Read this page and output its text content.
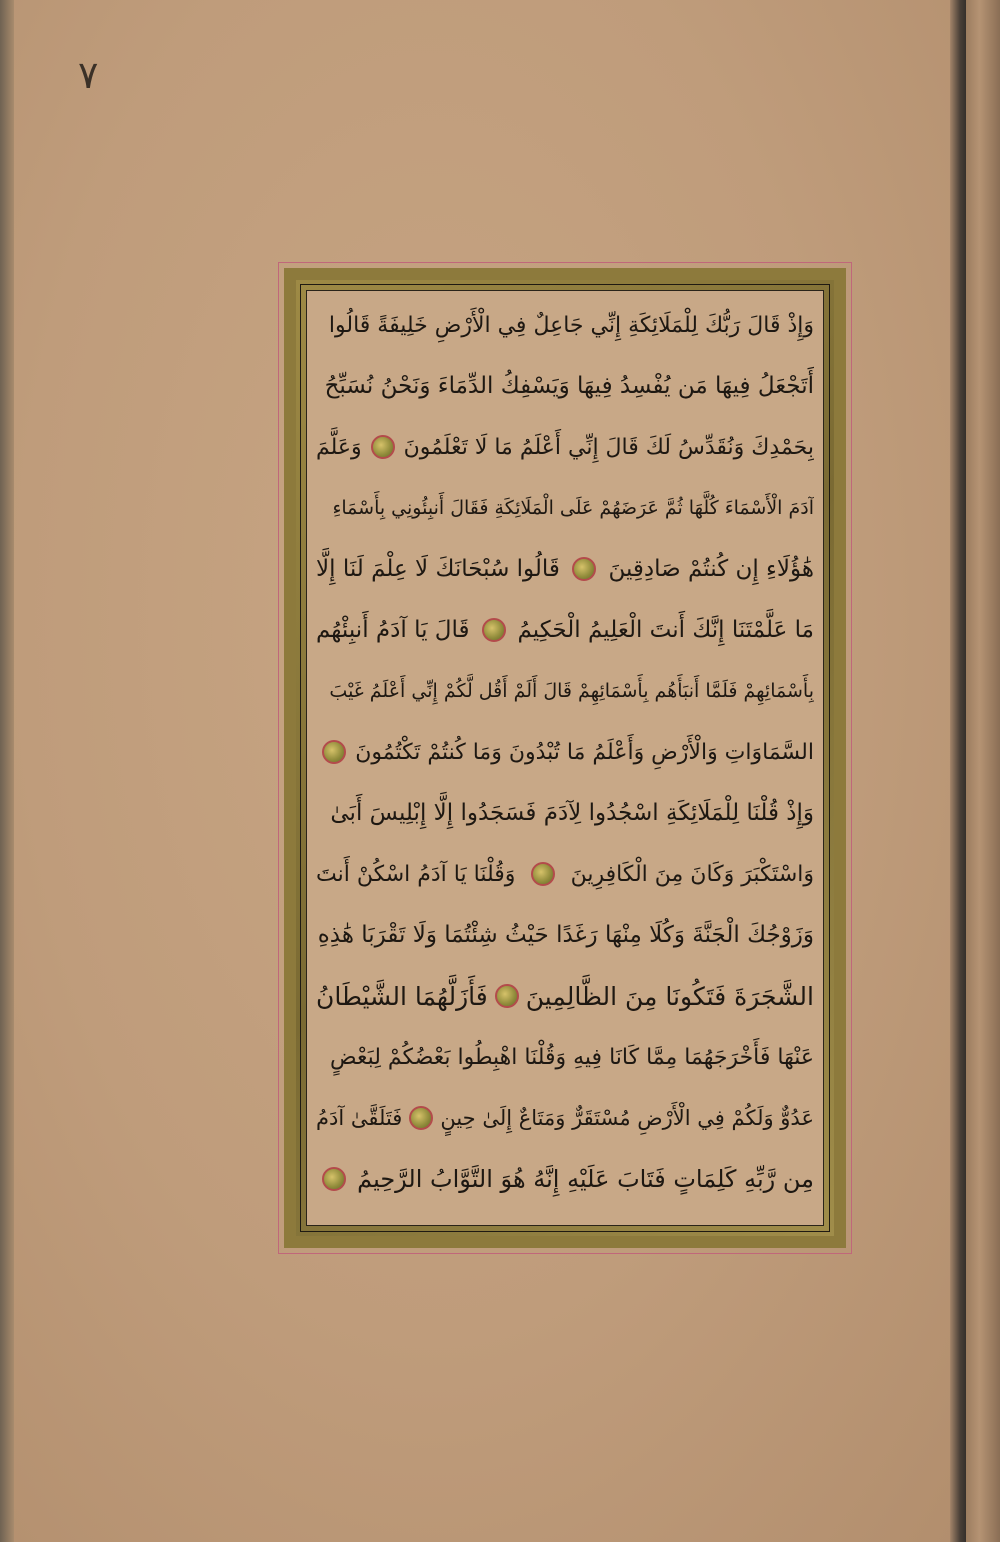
٧
وَإِذْ قَالَ رَبُّكَ لِلْمَلَائِكَةِ إِنِّي جَاعِلٌ فِي الْأَرْضِ خَلِيفَةً قَالُوا
أَتَجْعَلُ فِيهَا مَن يُفْسِدُ فِيهَا وَيَسْفِكُ الدِّمَاءَ وَنَحْنُ نُسَبِّحُ
بِحَمْدِكَ وَنُقَدِّسُ لَكَ قَالَ إِنِّي أَعْلَمُ مَا لَا تَعْلَمُونَ
وَعَلَّمَ
آدَمَ الْأَسْمَاءَ كُلَّهَا ثُمَّ عَرَضَهُمْ عَلَى الْمَلَائِكَةِ فَقَالَ أَنبِئُونِي بِأَسْمَاءِ
هَٰؤُلَاءِ إِن كُنتُمْ صَادِقِينَ
قَالُوا سُبْحَانَكَ لَا عِلْمَ لَنَا إِلَّا
مَا عَلَّمْتَنَا إِنَّكَ أَنتَ الْعَلِيمُ الْحَكِيمُ
قَالَ يَا آدَمُ أَنبِئْهُم
بِأَسْمَائِهِمْ فَلَمَّا أَنبَأَهُم بِأَسْمَائِهِمْ قَالَ أَلَمْ أَقُل لَّكُمْ إِنِّي أَعْلَمُ غَيْبَ
السَّمَاوَاتِ وَالْأَرْضِ وَأَعْلَمُ مَا تُبْدُونَ وَمَا كُنتُمْ تَكْتُمُونَ
وَإِذْ قُلْنَا لِلْمَلَائِكَةِ اسْجُدُوا لِآدَمَ فَسَجَدُوا إِلَّا إِبْلِيسَ أَبَىٰ
وَاسْتَكْبَرَ وَكَانَ مِنَ الْكَافِرِينَ
وَقُلْنَا يَا آدَمُ اسْكُنْ أَنتَ
وَزَوْجُكَ الْجَنَّةَ وَكُلَا مِنْهَا رَغَدًا حَيْثُ شِئْتُمَا وَلَا تَقْرَبَا هَٰذِهِ
الشَّجَرَةَ فَتَكُونَا مِنَ الظَّالِمِينَ
فَأَزَلَّهُمَا الشَّيْطَانُ
عَنْهَا فَأَخْرَجَهُمَا مِمَّا كَانَا فِيهِ وَقُلْنَا اهْبِطُوا بَعْضُكُمْ لِبَعْضٍ
عَدُوٌّ وَلَكُمْ فِي الْأَرْضِ مُسْتَقَرٌّ وَمَتَاعٌ إِلَىٰ حِينٍ
فَتَلَقَّىٰ آدَمُ
مِن رَّبِّهِ كَلِمَاتٍ فَتَابَ عَلَيْهِ إِنَّهُ هُوَ التَّوَّابُ الرَّحِيمُ
